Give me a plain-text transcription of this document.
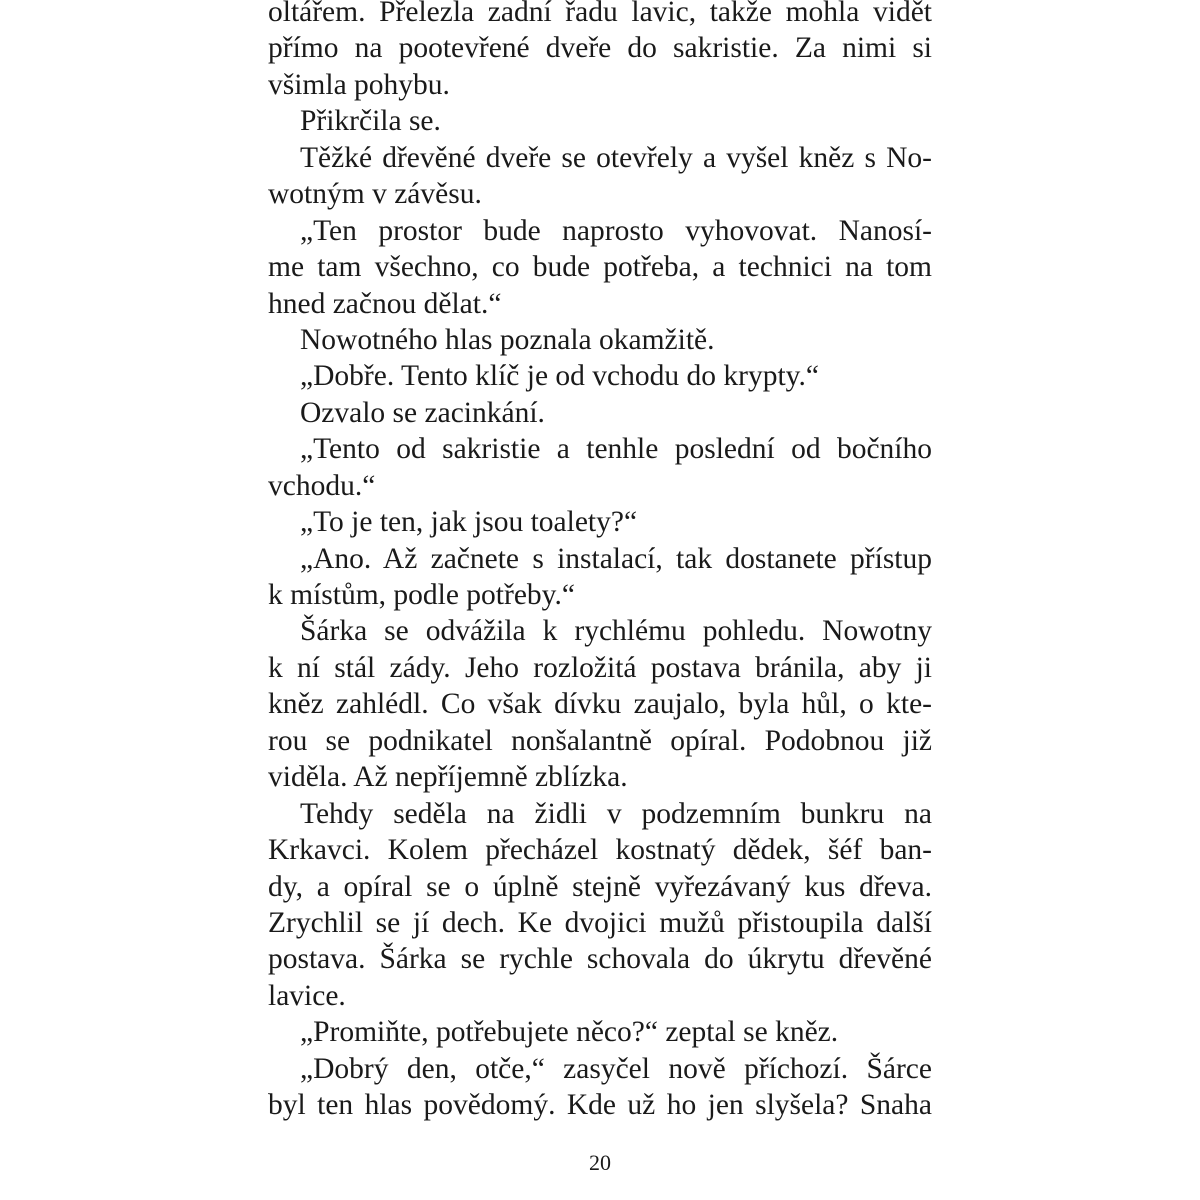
oltářem. Přelezla zadní řadu lavic, takže mohla vidět
přímo na pootevřené dveře do sakristie. Za nimi si
všimla pohybu.
Přikrčila se.
Těžké dřevěné dveře se otevřely a vyšel kněz s No-
wotným v závěsu.
„Ten prostor bude naprosto vyhovovat. Nanosí-
me tam všechno, co bude potřeba, a technici na tom
hned začnou dělat.“
Nowotného hlas poznala okamžitě.
„Dobře. Tento klíč je od vchodu do krypty.“
Ozvalo se zacinkání.
„Tento od sakristie a tenhle poslední od bočního
vchodu.“
„To je ten, jak jsou toalety?“
„Ano. Až začnete s instalací, tak dostanete přístup
k místům, podle potřeby.“
Šárka se odvážila k rychlému pohledu. Nowotny
k ní stál zády. Jeho rozložitá postava bránila, aby ji
kněz zahlédl. Co však dívku zaujalo, byla hůl, o kte-
rou se podnikatel nonšalantně opíral. Podobnou již
viděla. Až nepříjemně zblízka.
Tehdy seděla na židli v podzemním bunkru na
Krkavci. Kolem přecházel kostnatý dědek, šéf ban-
dy, a opíral se o úplně stejně vyřezávaný kus dřeva.
Zrychlil se jí dech. Ke dvojici mužů přistoupila další
postava. Šárka se rychle schovala do úkrytu dřevěné
lavice.
„Promiňte, potřebujete něco?“ zeptal se kněz.
„Dobrý den, otče,“ zasyčel nově příchozí. Šárce
byl ten hlas povědomý. Kde už ho jen slyšela? Snaha
20
